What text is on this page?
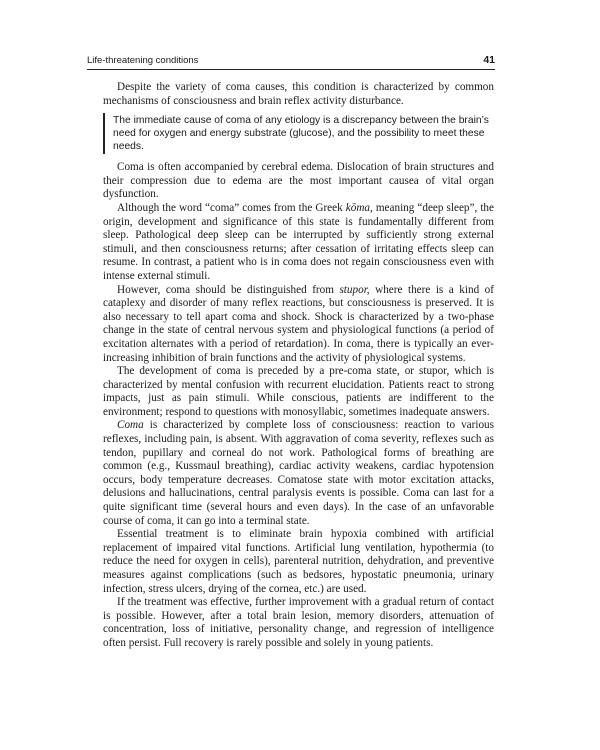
Life-threatening conditions	41

Despite the variety of coma causes, this condition is characterized by common mechanisms of consciousness and brain reflex activity disturbance.

The immediate cause of coma of any etiology is a discrepancy between the brain’s need for oxygen and energy substrate (glucose), and the possibility to meet these needs.

Coma is often accompanied by cerebral edema. Dislocation of brain structures and their compression due to edema are the most important causea of vital organ dysfunction.

Although the word “coma” comes from the Greek kōma, meaning “deep sleep”, the origin, development and significance of this state is fundamentally different from sleep. Pathological deep sleep can be interrupted by sufficiently strong external stimuli, and then consciousness returns; after cessation of irritating effects sleep can resume. In contrast, a patient who is in coma does not regain consciousness even with intense external stimuli.

However, coma should be distinguished from stupor, where there is a kind of cataplexy and disorder of many reflex reactions, but consciousness is preserved. It is also necessary to tell apart coma and shock. Shock is characterized by a two-phase change in the state of central nervous system and physiological functions (a period of excitation alternates with a period of retardation). In coma, there is typically an ever-increasing inhibition of brain functions and the activity of physiological systems.

The development of coma is preceded by a pre-coma state, or stupor, which is characterized by mental confusion with recurrent elucidation. Patients react to strong impacts, just as pain stimuli. While conscious, patients are indifferent to the environment; respond to questions with monosyllabic, sometimes inadequate answers.

Coma is characterized by complete loss of consciousness: reaction to various reflexes, including pain, is absent. With aggravation of coma severity, reflexes such as tendon, pupillary and corneal do not work. Pathological forms of breathing are common (e.g., Kussmaul breathing), cardiac activity weakens, cardiac hypotension occurs, body temperature decreases. Comatose state with motor excitation attacks, delusions and hallucinations, central paralysis events is possible. Coma can last for a quite significant time (several hours and even days). In the case of an unfavorable course of coma, it can go into a terminal state.

Essential treatment is to eliminate brain hypoxia combined with artificial replacement of impaired vital functions. Artificial lung ventilation, hypothermia (to reduce the need for oxygen in cells), parenteral nutrition, dehydration, and preventive measures against complications (such as bedsores, hypostatic pneumonia, urinary infection, stress ulcers, drying of the cornea, etc.) are used.

If the treatment was effective, further improvement with a gradual return of contact is possible. However, after a total brain lesion, memory disorders, attenuation of concentration, loss of initiative, personality change, and regression of intelligence often persist. Full recovery is rarely possible and solely in young patients.
